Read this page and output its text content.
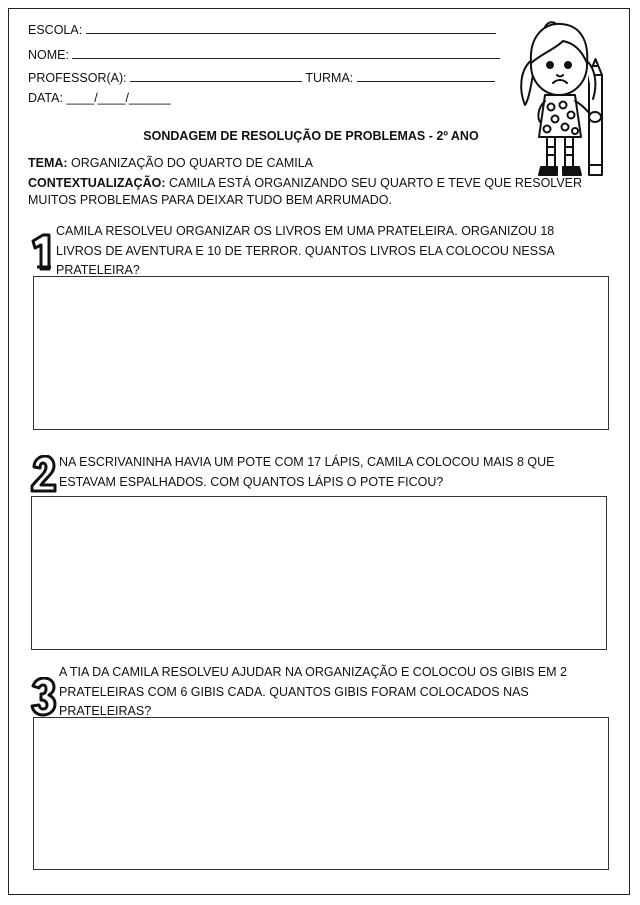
ESCOLA:
NOME:
PROFESSOR(A):	TURMA:
DATA: ____/____/______
SONDAGEM DE RESOLUÇÃO DE PROBLEMAS - 2º ANO
TEMA: ORGANIZAÇÃO DO QUARTO DE CAMILA
CONTEXTUALIZAÇÃO: CAMILA ESTÁ ORGANIZANDO SEU QUARTO E TEVE QUE RESOLVER MUITOS PROBLEMAS PARA DEIXAR TUDO BEM ARRUMADO.
CAMILA RESOLVEU ORGANIZAR OS LIVROS EM UMA PRATELEIRA. ORGANIZOU 18 LIVROS DE AVENTURA E 10 DE TERROR. QUANTOS LIVROS ELA COLOCOU NESSA PRATELEIRA?
NA ESCRIVANINHA HAVIA UM POTE COM 17 LÁPIS, CAMILA COLOCOU MAIS 8 QUE ESTAVAM ESPALHADOS. COM QUANTOS LÁPIS O POTE FICOU?
A TIA DA CAMILA RESOLVEU AJUDAR NA ORGANIZAÇÃO E COLOCOU OS GIBIS EM 2 PRATELEIRAS COM 6 GIBIS CADA. QUANTOS GIBIS FORAM COLOCADOS NAS PRATELEIRAS?
